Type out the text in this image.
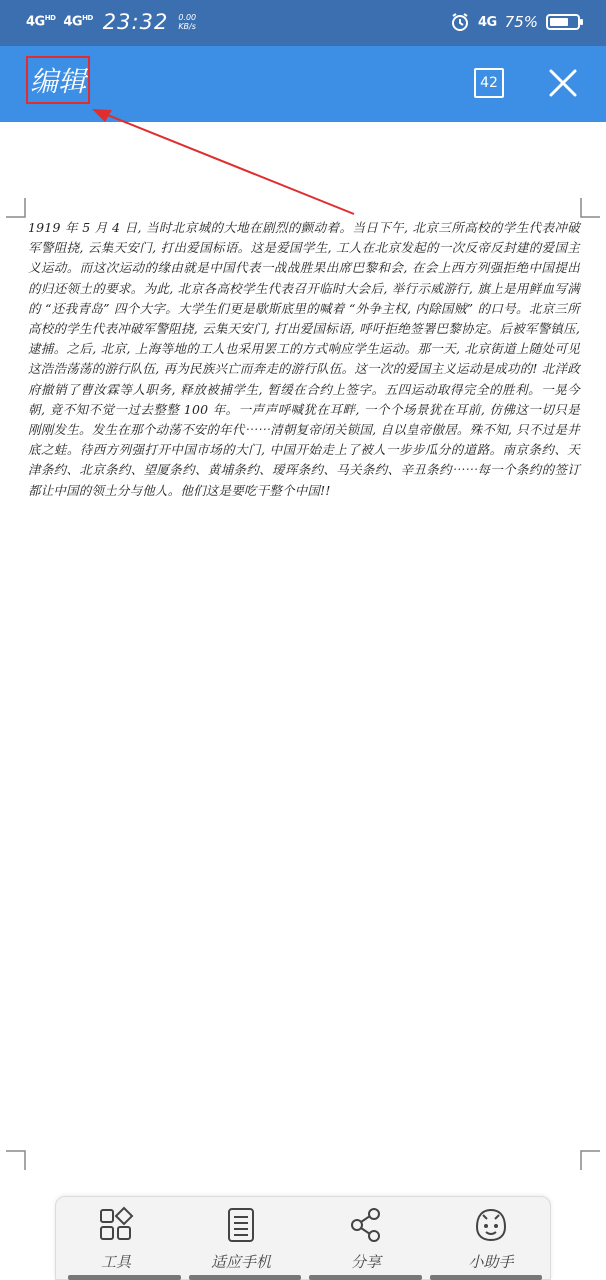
$4G^{HD}$ $4G^{HD}$ 23:32 0.00
KB/s	4G 75%
编辑	42
1919 年 5 月 4 日, 当时北京城的大地在剧烈的颤动着。当日下午, 北京三所高校的学生代表冲破军警阻挠, 云集天安门, 打出爱国标语。这是爱国学生, 工人在北京发起的一次反帝反封建的爱国主义运动。而这次运动的缘由就是中国代表一战战胜果出席巴黎和会, 在会上西方列强拒绝中国提出的归还领土的要求。为此, 北京各高校学生代表召开临时大会后, 举行示威游行, 旗上是用鲜血写满的 “还我青岛” 四个大字。大学生们更是歇斯底里的喊着 “外争主权, 内除国贼” 的口号。北京三所高校的学生代表冲破军警阻挠, 云集天安门, 打出爱国标语, 呼吁拒绝签署巴黎协定。后被军警镇压, 逮捕。之后, 北京, 上海等地的工人也采用罢工的方式响应学生运动。那一天, 北京街道上随处可见这浩浩荡荡的游行队伍, 再为民族兴亡而奔走的游行队伍。这一次的爱国主义运动是成功的! 北洋政府撤销了曹汝霖等人职务, 释放被捕学生, 暂缓在合约上签字。五四运动取得完全的胜利。一晃今朝, 竟不知不觉一过去整整 100 年。一声声呼喊犹在耳畔, 一个个场景犹在耳前, 仿佛这一切只是刚刚发生。发生在那个动荡不安的年代⋯⋯清朝复帝闭关锁国, 自以皇帝傲居。殊不知, 只不过是井底之蛙。待西方列强打开中国市场的大门, 中国开始走上了被人一步步瓜分的道路。南京条约、天津条约、北京条约、望厦条约、黄埔条约、瑷珲条约、马关条约、辛丑条约⋯⋯每一个条约的签订都让中国的领土分与他人。他们这是要吃干整个中国!!
工具	适应手机	分享	小助手
